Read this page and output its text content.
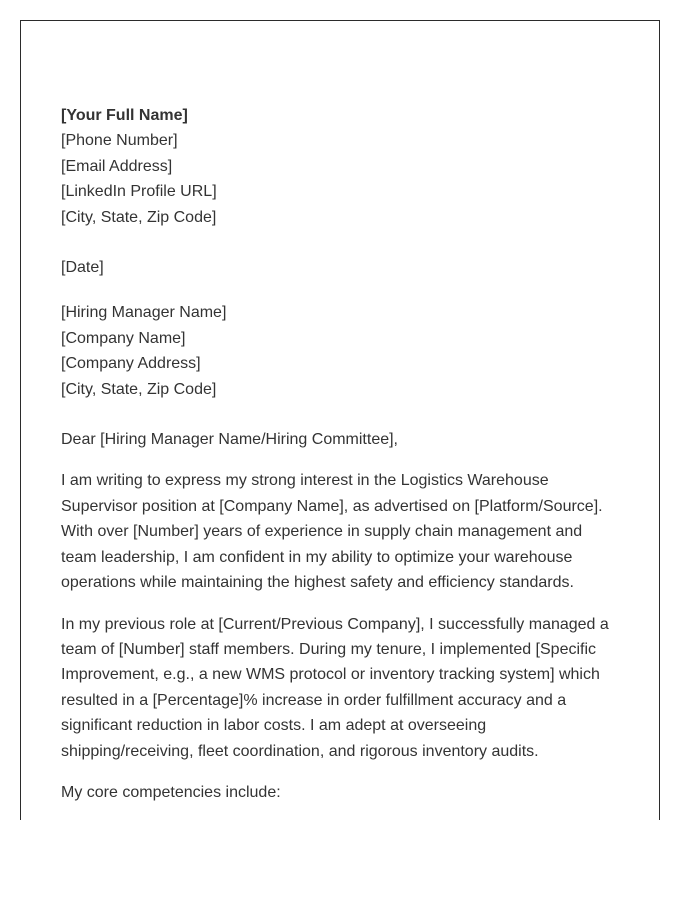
[Your Full Name]
[Phone Number]
[Email Address]
[LinkedIn Profile URL]
[City, State, Zip Code]
[Date]
[Hiring Manager Name]
[Company Name]
[Company Address]
[City, State, Zip Code]

Dear [Hiring Manager Name/Hiring Committee],

I am writing to express my strong interest in the Logistics Warehouse Supervisor position at [Company Name], as advertised on [Platform/Source]. With over [Number] years of experience in supply chain management and team leadership, I am confident in my ability to optimize your warehouse operations while maintaining the highest safety and efficiency standards.

In my previous role at [Current/Previous Company], I successfully managed a team of [Number] staff members. During my tenure, I implemented [Specific Improvement, e.g., a new WMS protocol or inventory tracking system] which resulted in a [Percentage]% increase in order fulfillment accuracy and a significant reduction in labor costs. I am adept at overseeing shipping/receiving, fleet coordination, and rigorous inventory audits.

My core competencies include:
